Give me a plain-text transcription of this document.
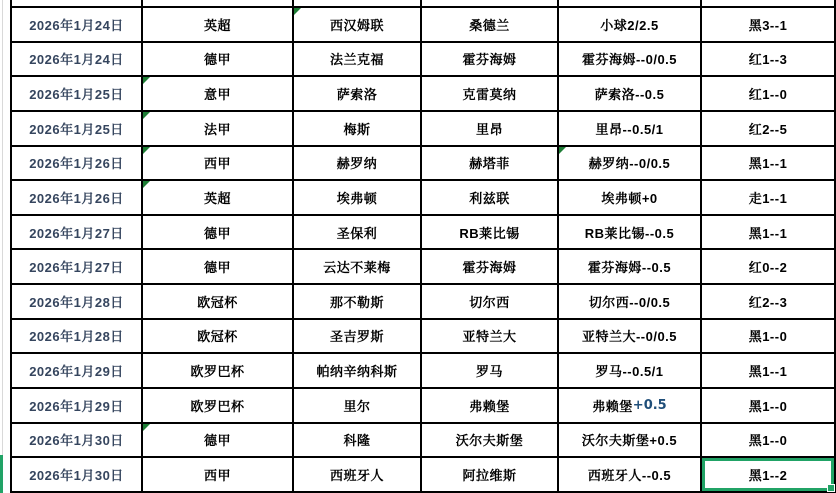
2026年1月24日	英超	西汉姆联	桑德兰	小球2/2.5	黑3--1
2026年1月24日	德甲	法兰克福	霍芬海姆	霍芬海姆--0/0.5	红1--3
2026年1月25日	意甲	萨索洛	克雷莫纳	萨索洛--0.5	红1--0
2026年1月25日	法甲	梅斯	里昂	里昂--0.5/1	红2--5
2026年1月26日	西甲	赫罗纳	赫塔菲	赫罗纳--0/0.5	黑1--1
2026年1月26日	英超	埃弗顿	利兹联	埃弗顿+0	走1--1
2026年1月27日	德甲	圣保利	RB莱比锡	RB莱比锡--0.5	黑1--1
2026年1月27日	德甲	云达不莱梅	霍芬海姆	霍芬海姆--0.5	红0--2
2026年1月28日	欧冠杯	那不勒斯	切尔西	切尔西--0/0.5	红2--3
2026年1月28日	欧冠杯	圣吉罗斯	亚特兰大	亚特兰大--0/0.5	黑1--0
2026年1月29日	欧罗巴杯	帕纳辛纳科斯	罗马	罗马--0.5/1	黑1--1
2026年1月29日	欧罗巴杯	里尔	弗赖堡	弗赖堡 +0.5	黑1--0
2026年1月30日	德甲	科隆	沃尔夫斯堡	沃尔夫斯堡+0.5	黑1--0
2026年1月30日	西甲	西班牙人	阿拉维斯	西班牙人--0.5	黑1--2
